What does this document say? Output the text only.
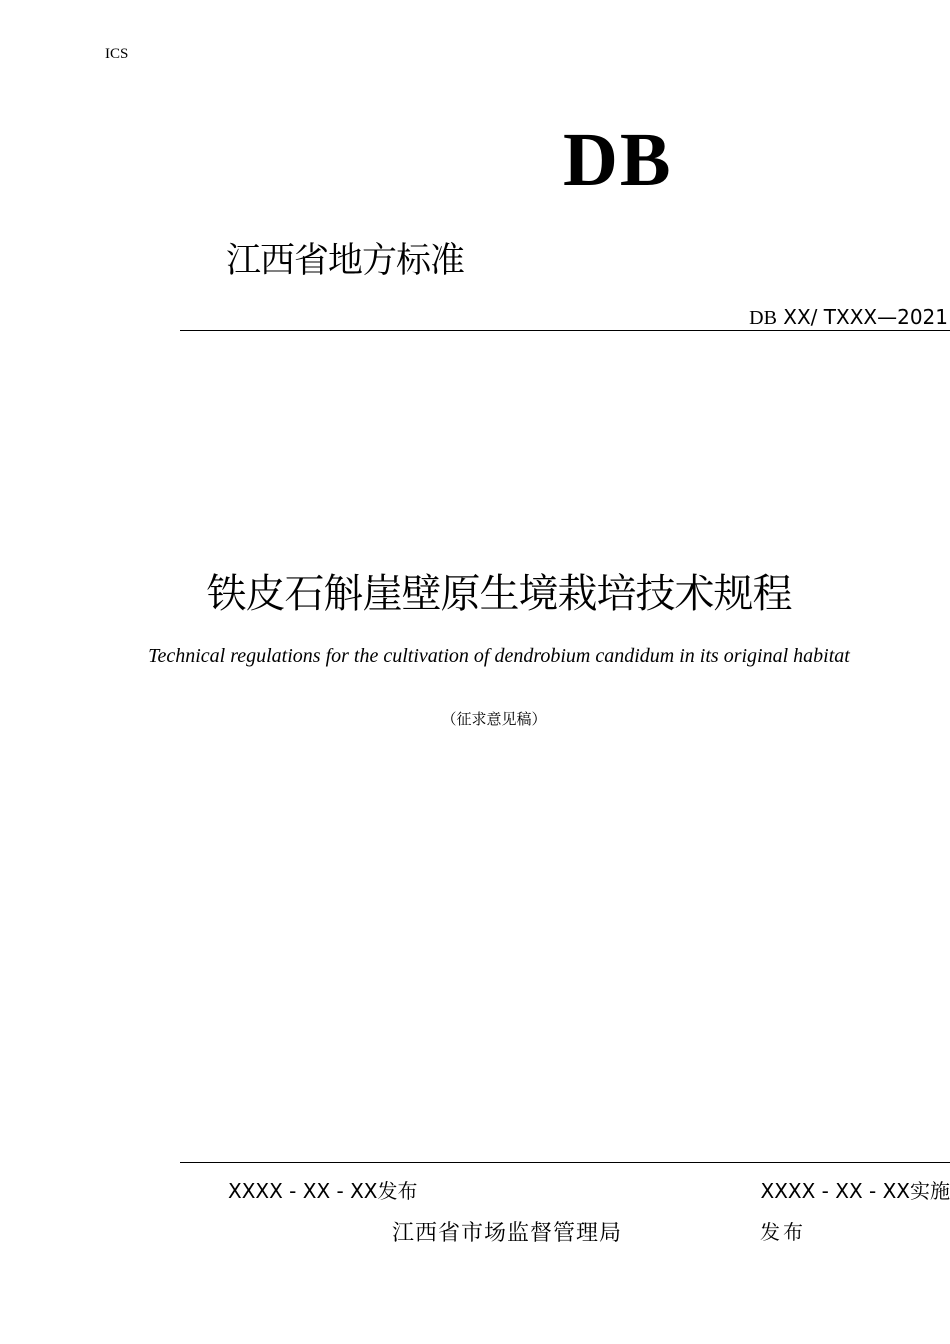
ICS
DB
江西省地方标准
DB XX/ TXXX—2021
铁皮石斛崖壁原生境栽培技术规程
Technical regulations for the cultivation of dendrobium candidum in its original habitat
（征求意见稿）
XXXX - XX - XX发布	XXXX - XX - XX实施
江西省市场监督管理局	发布
